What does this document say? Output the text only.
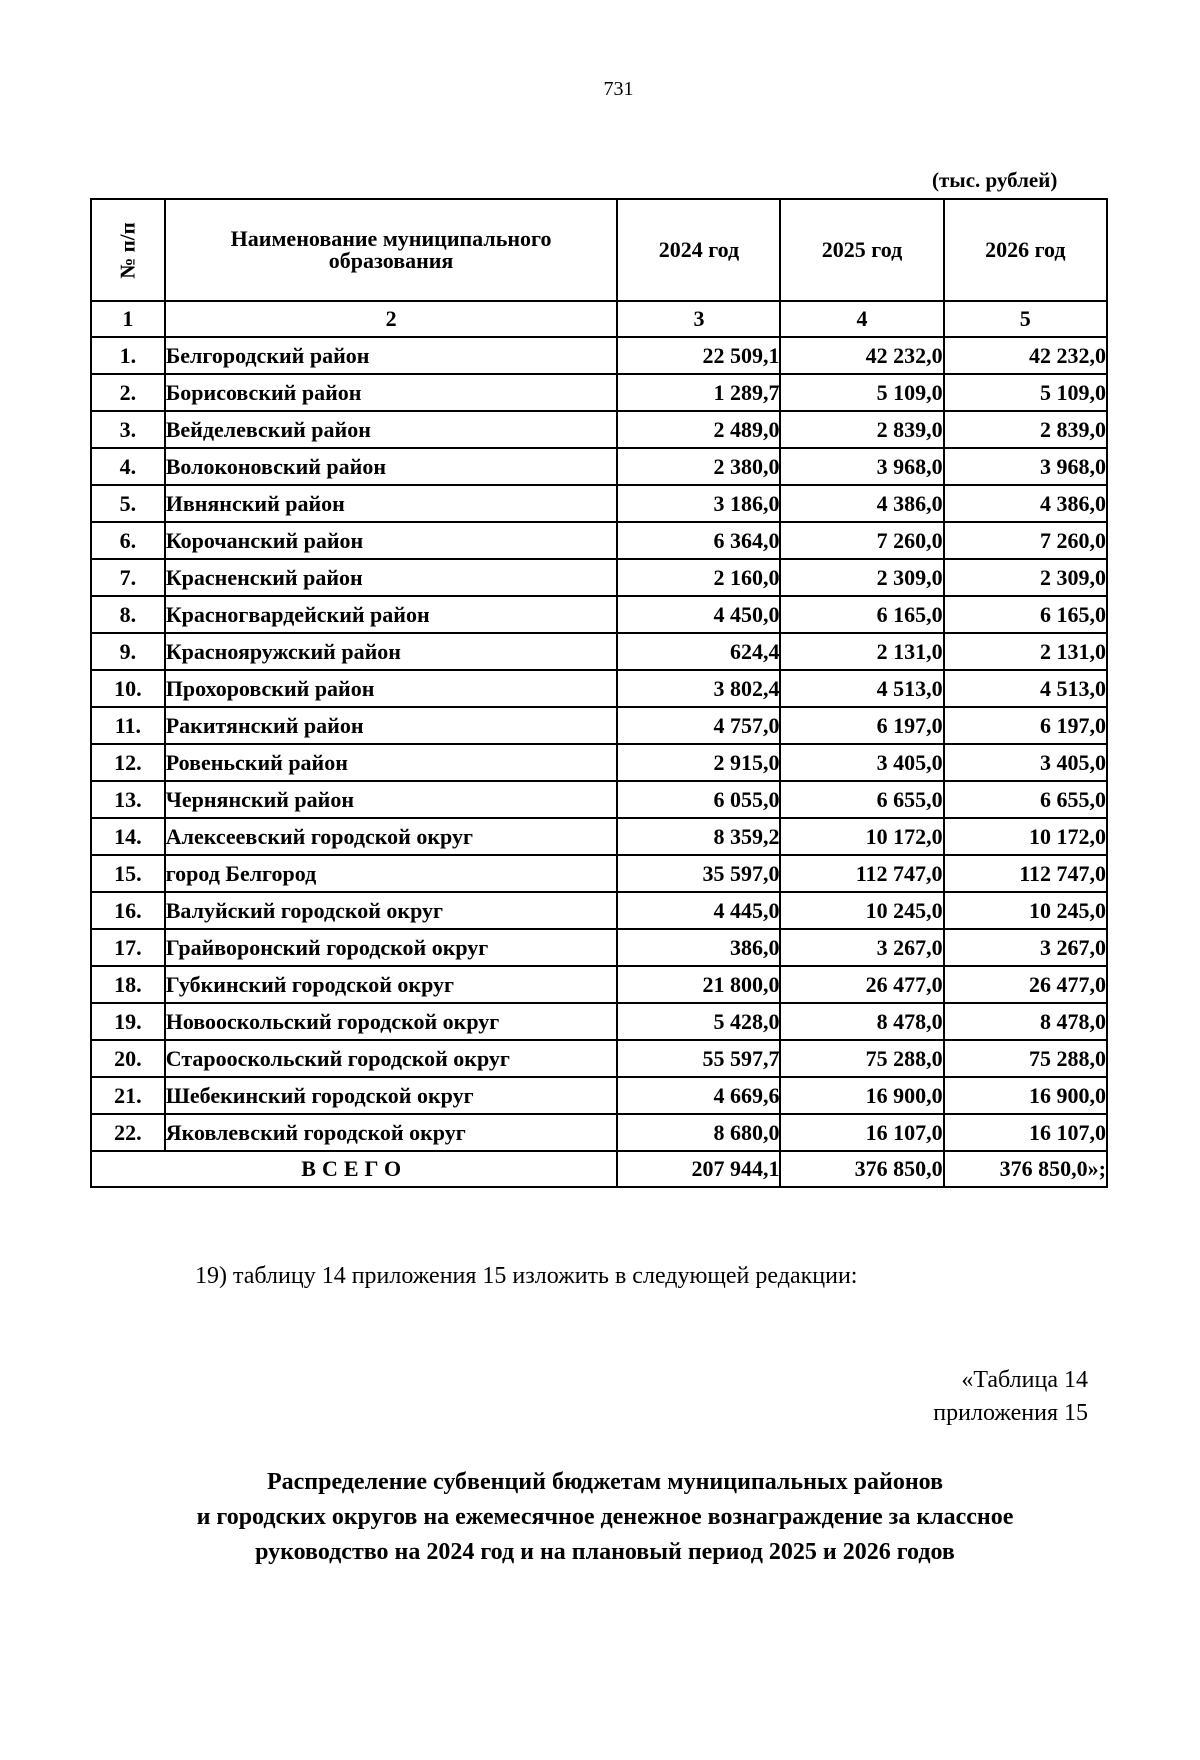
731
(тыс. рублей)
№ п/п	Наименование муниципального образования	2024 год	2025 год	2026 год
1	2	3	4	5
1.	Белгородский район	22 509,1	42 232,0	42 232,0
2.	Борисовский район	1 289,7	5 109,0	5 109,0
3.	Вейделевский район	2 489,0	2 839,0	2 839,0
4.	Волоконовский район	2 380,0	3 968,0	3 968,0
5.	Ивнянский район	3 186,0	4 386,0	4 386,0
6.	Корочанский район	6 364,0	7 260,0	7 260,0
7.	Красненский район	2 160,0	2 309,0	2 309,0
8.	Красногвардейский район	4 450,0	6 165,0	6 165,0
9.	Краснояружский район	624,4	2 131,0	2 131,0
10.	Прохоровский район	3 802,4	4 513,0	4 513,0
11.	Ракитянский район	4 757,0	6 197,0	6 197,0
12.	Ровеньский район	2 915,0	3 405,0	3 405,0
13.	Чернянский район	6 055,0	6 655,0	6 655,0
14.	Алексеевский городской округ	8 359,2	10 172,0	10 172,0
15.	город Белгород	35 597,0	112 747,0	112 747,0
16.	Валуйский городской округ	4 445,0	10 245,0	10 245,0
17.	Грайворонский городской округ	386,0	3 267,0	3 267,0
18.	Губкинский городской округ	21 800,0	26 477,0	26 477,0
19.	Новооскольский городской округ	5 428,0	8 478,0	8 478,0
20.	Старооскольский городской округ	55 597,7	75 288,0	75 288,0
21.	Шебекинский городской округ	4 669,6	16 900,0	16 900,0
22.	Яковлевский городской округ	8 680,0	16 107,0	16 107,0
ВСЕГО		207 944,1	376 850,0	376 850,0»;
19) таблицу 14 приложения 15 изложить в следующей редакции:
«Таблица 14
приложения 15
Распределение субвенций бюджетам муниципальных районов
и городских округов на ежемесячное денежное вознаграждение за классное
руководство на 2024 год и на плановый период 2025 и 2026 годов
